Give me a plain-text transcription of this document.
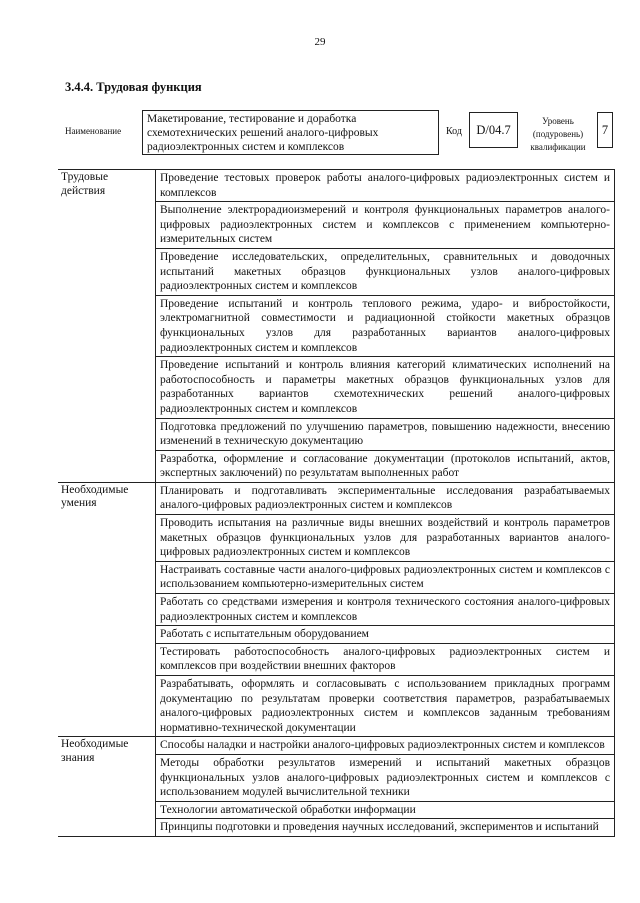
29
3.4.4. Трудовая функция
Наименование
Макетирование, тестирование и доработка схемотехнических решений аналого-цифровых радиоэлектронных систем и комплексов
Код	D/04.7
Уровень (подуровень) квалификации
7
Трудовые действия
Проведение тестовых проверок работы аналого-цифровых радиоэлектронных систем и комплексов
Выполнение электрорадиоизмерений и контроля функциональных параметров аналого-цифровых радиоэлектронных систем и комплексов с применением компьютерно-измерительных систем
Проведение исследовательских, определительных, сравнительных и доводочных испытаний макетных образцов функциональных узлов аналого-цифровых радиоэлектронных систем и комплексов
Проведение испытаний и контроль теплового режима, ударо- и вибростойкости, электромагнитной совместимости и радиационной стойкости макетных образцов функциональных узлов для разработанных вариантов аналого-цифровых радиоэлектронных систем и комплексов
Проведение испытаний и контроль влияния категорий климатических исполнений на работоспособность и параметры макетных образцов функциональных узлов для разработанных вариантов схемотехнических решений аналого-цифровых радиоэлектронных систем и комплексов
Подготовка предложений по улучшению параметров, повышению надежности, внесению изменений в техническую документацию
Разработка, оформление и согласование документации (протоколов испытаний, актов, экспертных заключений) по результатам выполненных работ
Необходимые умения
Планировать и подготавливать экспериментальные исследования разрабатываемых аналого-цифровых радиоэлектронных систем и комплексов
Проводить испытания на различные виды внешних воздействий и контроль параметров макетных образцов функциональных узлов для разработанных вариантов аналого-цифровых радиоэлектронных систем и комплексов
Настраивать составные части аналого-цифровых радиоэлектронных систем и комплексов с использованием компьютерно-измерительных систем
Работать со средствами измерения и контроля технического состояния аналого-цифровых радиоэлектронных систем и комплексов
Работать с испытательным оборудованием
Тестировать работоспособность аналого-цифровых радиоэлектронных систем и комплексов при воздействии внешних факторов
Разрабатывать, оформлять и согласовывать с использованием прикладных программ документацию по результатам проверки соответствия параметров, разрабатываемых аналого-цифровых радиоэлектронных систем и комплексов заданным требованиям нормативно-технической документации
Необходимые знания
Способы наладки и настройки аналого-цифровых радиоэлектронных систем и комплексов
Методы обработки результатов измерений и испытаний макетных образцов функциональных узлов аналого-цифровых радиоэлектронных систем и комплексов с использованием модулей вычислительной техники
Технологии автоматической обработки информации
Принципы подготовки и проведения научных исследований, экспериментов и испытаний
